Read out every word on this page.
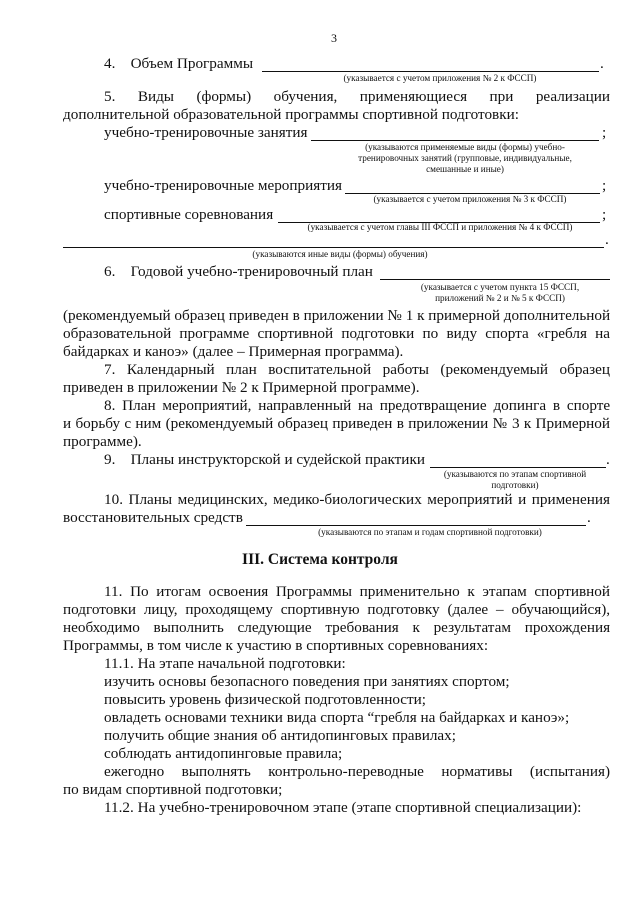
3
4. Объем Программы	.
(указывается с учетом приложения № 2 к ФССП)
5. Виды (формы) обучения, применяющиеся при реализации
дополнительной образовательной программы спортивной подготовки:
учебно-тренировочные занятия	;
(указываются применяемые виды (формы) учебно-
тренировочных занятий (групповые, индивидуальные,
смешанные и иные)
учебно-тренировочные мероприятия	;
(указывается с учетом приложения № 3 к ФССП)
спортивные соревнования	;
(указывается с учетом главы III ФССП и приложения № 4 к ФССП)
.
(указываются иные виды (формы) обучения)
6. Годовой учебно-тренировочный план
(указывается с учетом пункта 15 ФССП,
приложений № 2 и № 5 к ФССП)
(рекомендуемый образец приведен в приложении № 1 к примерной дополнительной
образовательной программе спортивной подготовки по виду спорта «гребля на
байдарках и каноэ» (далее – Примерная программа).
7. Календарный план воспитательной работы (рекомендуемый образец
приведен в приложении № 2 к Примерной программе).
8. План мероприятий, направленный на предотвращение допинга в спорте
и борьбу с ним (рекомендуемый образец приведен в приложении № 3 к Примерной
программе).
9. Планы инструкторской и судейской практики	.
(указываются по этапам спортивной
подготовки)
10. Планы медицинских, медико-биологических мероприятий и применения
восстановительных средств	.
(указываются по этапам и годам спортивной подготовки)
III. Система контроля
11. По итогам освоения Программы применительно к этапам спортивной
подготовки лицу, проходящему спортивную подготовку (далее – обучающийся),
необходимо выполнить следующие требования к результатам прохождения
Программы, в том числе к участию в спортивных соревнованиях:
11.1. На этапе начальной подготовки:
изучить основы безопасного поведения при занятиях спортом;
повысить уровень физической подготовленности;
овладеть основами техники вида спорта “гребля на байдарках и каноэ»;
получить общие знания об антидопинговых правилах;
соблюдать антидопинговые правила;
ежегодно выполнять контрольно-переводные нормативы (испытания)
по видам спортивной подготовки;
11.2. На учебно-тренировочном этапе (этапе спортивной специализации):
